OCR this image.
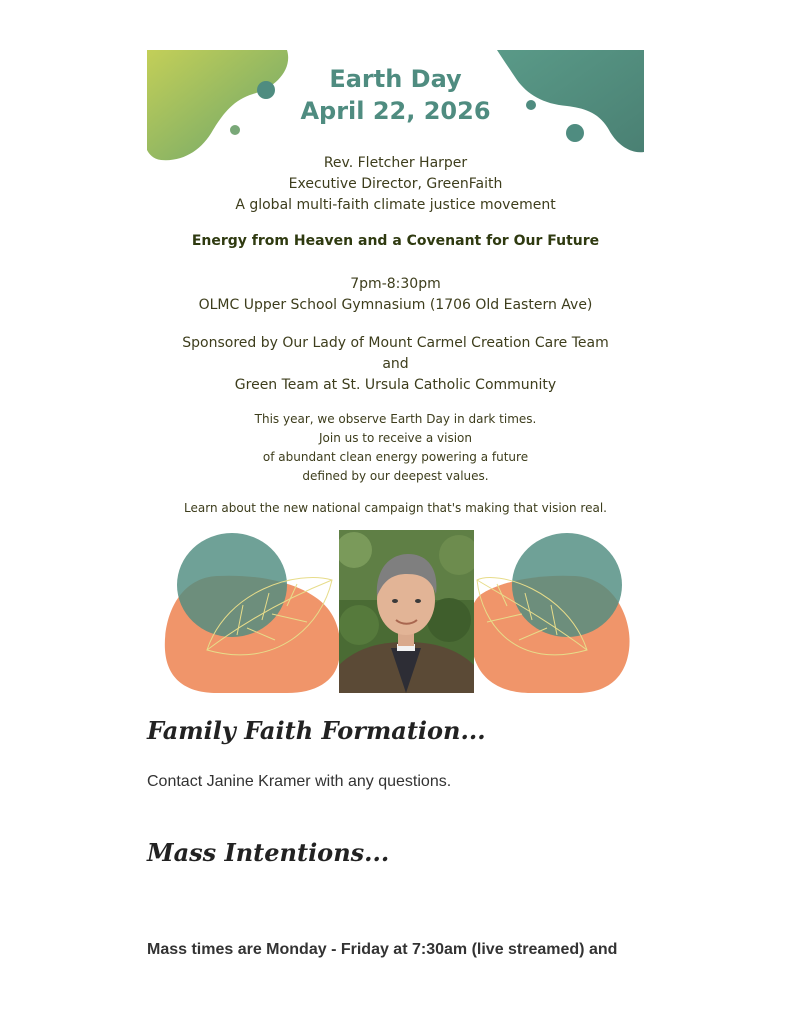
Earth Day

April 22, 2026

Rev. Fletcher Harper
Executive Director, GreenFaith
A global multi-faith climate justice movement

Energy from Heaven and a Covenant for Our Future

7pm-8:30pm
OLMC Upper School Gymnasium (1706 Old Eastern Ave)
Sponsored by Our Lady of Mount Carmel Creation Care Team
and
Green Team at St. Ursula Catholic Community
This year, we observe Earth Day in dark times.
Join us to receive a vision
of abundant clean energy powering a future
defined by our deepest values.

Learn about the new national campaign that's making that vision real.

Family Faith Formation...

Contact Janine Kramer with any questions.

Mass Intentions...

Mass times are Monday - Friday at 7:30am (live streamed) and
